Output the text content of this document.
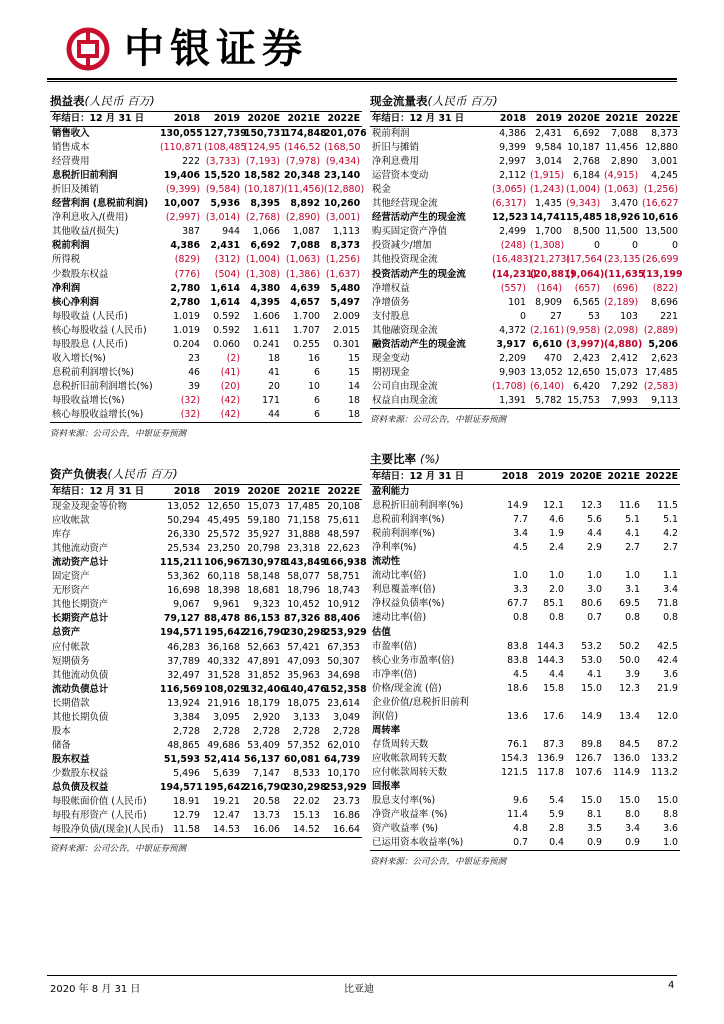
中银证券
损益表(人民币 百万)
年结日：12 月 31 日	2018	2019	2020E	2021E	2022E
销售收入	130,055	127,739	150,731	174,848	201,076
销售成本	(110,871	(108,485	(124,95	(146,52	(168,50
经营费用	222	(3,733)	(7,193)	(7,978)	(9,434)
息税折旧前利润	19,406	15,520	18,582	20,348	23,140
折旧及摊销	(9,399)	(9,584)	(10,187)	(11,456)	(12,880)
经营利润 (息税前利润)	10,007	5,936	8,395	8,892	10,260
净利息收入/(费用)	(2,997)	(3,014)	(2,768)	(2,890)	(3,001)
其他收益/(损失)	387	944	1,066	1,087	1,113
税前利润	4,386	2,431	6,692	7,088	8,373
所得税	(829)	(312)	(1,004)	(1,063)	(1,256)
少数股东权益	(776)	(504)	(1,308)	(1,386)	(1,637)
净利润	2,780	1,614	4,380	4,639	5,480
核心净利润	2,780	1,614	4,395	4,657	5,497
每股收益 (人民币)	1.019	0.592	1.606	1.700	2.009
核心每股收益 (人民币)	1.019	0.592	1.611	1.707	2.015
每股股息 (人民币)	0.204	0.060	0.241	0.255	0.301
收入增长(%)	23	(2)	18	16	15
息税前利润增长(%)	46	(41)	41	6	15
息税折旧前利润增长(%)	39	(20)	20	10	14
每股收益增长(%)	(32)	(42)	171	6	18
核心每股收益增长(%)	(32)	(42)	44	6	18
资料来源：公司公告，中银证券预测
现金流量表(人民币 百万)
年结日：12 月 31 日	2018	2019	2020E	2021E	2022E
税前利润	4,386	2,431	6,692	7,088	8,373
折旧与摊销	9,399	9,584	10,187	11,456	12,880
净利息费用	2,997	3,014	2,768	2,890	3,001
运营资本变动	2,112	(1,915)	6,184	(4,915)	4,245
税金	(3,065)	(1,243)	(1,004)	(1,063)	(1,256)
其他经营现金流	(6,317)	1,435	(9,343)	3,470	(16,627
经营活动产生的现金流	12,523	14,741	15,485	18,926	10,616
购买固定资产净值	2,499	1,700	8,500	11,500	13,500
投资减少/增加	(248)	(1,308)	0	0	0
其他投资现金流	(16,483)	(21,273)	(17,564	(23,135	(26,699
投资活动产生的现金流	(14,231)	(20,881)	(9,064)	(11,635	(13,199
净增权益	(557)	(164)	(657)	(696)	(822)
净增债务	101	8,909	6,565	(2,189)	8,696
支付股息	0	27	53	103	221
其他融资现金流	4,372	(2,161)	(9,958)	(2,098)	(2,889)
融资活动产生的现金流	3,917	6,610	(3,997)	(4,880)	5,206
现金变动	2,209	470	2,423	2,412	2,623
期初现金	9,903	13,052	12,650	15,073	17,485
公司自由现金流	(1,708)	(6,140)	6,420	7,292	(2,583)
权益自由现金流	1,391	5,782	15,753	7,993	9,113
资料来源：公司公告，中银证券预测
资产负债表(人民币 百万)
年结日：12 月 31 日	2018	2019	2020E	2021E	2022E
现金及现金等价物	13,052	12,650	15,073	17,485	20,108
应收帐款	50,294	45,495	59,180	71,158	75,611
库存	26,330	25,572	35,927	31,888	48,597
其他流动资产	25,534	23,250	20,798	23,318	22,623
流动资产总计	115,211	106,967	130,978	143,849	166,938
固定资产	53,362	60,118	58,148	58,077	58,751
无形资产	16,698	18,398	18,681	18,796	18,743
其他长期资产	9,067	9,961	9,323	10,452	10,912
长期资产总计	79,127	88,478	86,153	87,326	88,406
总资产	194,571	195,642	216,790	230,298	253,929
应付帐款	46,283	36,168	52,663	57,421	67,353
短期债务	37,789	40,332	47,891	47,093	50,307
其他流动负债	32,497	31,528	31,852	35,963	34,698
流动负债总计	116,569	108,029	132,406	140,476	152,358
长期借款	13,924	21,916	18,179	18,075	23,614
其他长期负债	3,384	3,095	2,920	3,133	3,049
股本	2,728	2,728	2,728	2,728	2,728
储备	48,865	49,686	53,409	57,352	62,010
股东权益	51,593	52,414	56,137	60,081	64,739
少数股东权益	5,496	5,639	7,147	8,533	10,170
总负债及权益	194,571	195,642	216,790	230,298	253,929
每股帐面价值 (人民币)	18.91	19.21	20.58	22.02	23.73
每股有形资产 (人民币)	12.79	12.47	13.73	15.13	16.86
每股净负债/(现金)(人民币)	11.58	14.53	16.06	14.52	16.64
资料来源：公司公告，中银证券预测
主要比率 (%)
年结日：12 月 31 日	2018	2019	2020E	2021E	2022E
盈利能力					
息税折旧前利润率(%)	14.9	12.1	12.3	11.6	11.5
息税前利润率(%)	7.7	4.6	5.6	5.1	5.1
税前利润率(%)	3.4	1.9	4.4	4.1	4.2
净利率(%)	4.5	2.4	2.9	2.7	2.7
流动性					
流动比率(倍)	1.0	1.0	1.0	1.0	1.1
利息覆盖率(倍)	3.3	2.0	3.0	3.1	3.4
净权益负债率(%)	67.7	85.1	80.6	69.5	71.8
速动比率(倍)	0.8	0.8	0.7	0.8	0.8
估值					
市盈率(倍)	83.8	144.3	53.2	50.2	42.5
核心业务市盈率(倍)	83.8	144.3	53.0	50.0	42.4
市净率(倍)	4.5	4.4	4.1	3.9	3.6
价格/现金流 (倍)	18.6	15.8	15.0	12.3	21.9
企业价值/息税折旧前利					
润(倍)	13.6	17.6	14.9	13.4	12.0
周转率					
存货周转天数	76.1	87.3	89.8	84.5	87.2
应收帐款周转天数	154.3	136.9	126.7	136.0	133.2
应付帐款周转天数	121.5	117.8	107.6	114.9	113.2
回报率					
股息支付率(%)	9.6	5.4	15.0	15.0	15.0
净资产收益率 (%)	11.4	5.9	8.1	8.0	8.8
资产收益率 (%)	4.8	2.8	3.5	3.4	3.6
已运用资本收益率(%)	0.7	0.4	0.9	0.9	1.0
资料来源：公司公告，中银证券预测
2020 年 8 月 31 日	比亚迪	4
